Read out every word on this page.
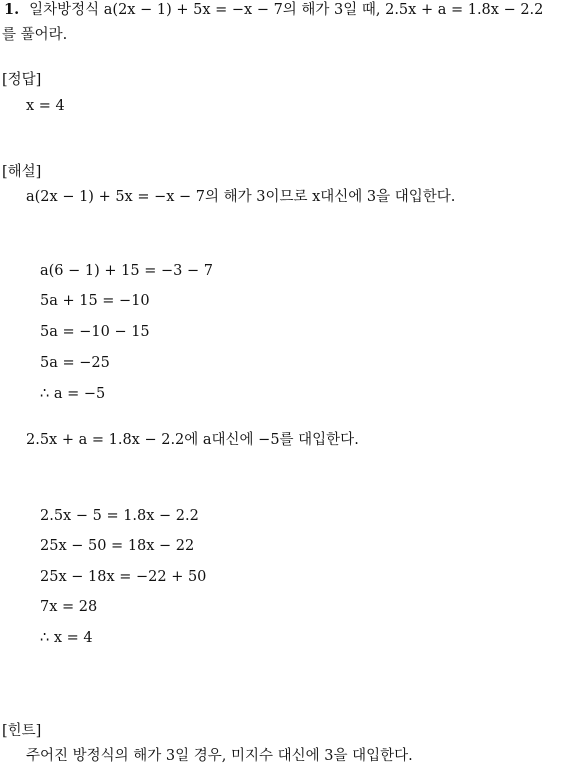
1. 일차방정식 a(2x − 1) + 5x = −x − 7의 해가 3일 때, 2.5x + a = 1.8x − 2.2
를 풀어라.
[정답]
x = 4
[해설]
a(2x − 1) + 5x = −x − 7의 해가 3이므로 x대신에 3을 대입한다.
a(6 − 1) + 15 = −3 − 7
5a + 15 = −10
5a = −10 − 15
5a = −25
∴ a = −5
2.5x + a = 1.8x − 2.2에 a대신에 −5를 대입한다.
2.5x − 5 = 1.8x − 2.2
25x − 50 = 18x − 22
25x − 18x = −22 + 50
7x = 28
∴ x = 4
[힌트]
주어진 방정식의 해가 3일 경우, 미지수 대신에 3을 대입한다.
